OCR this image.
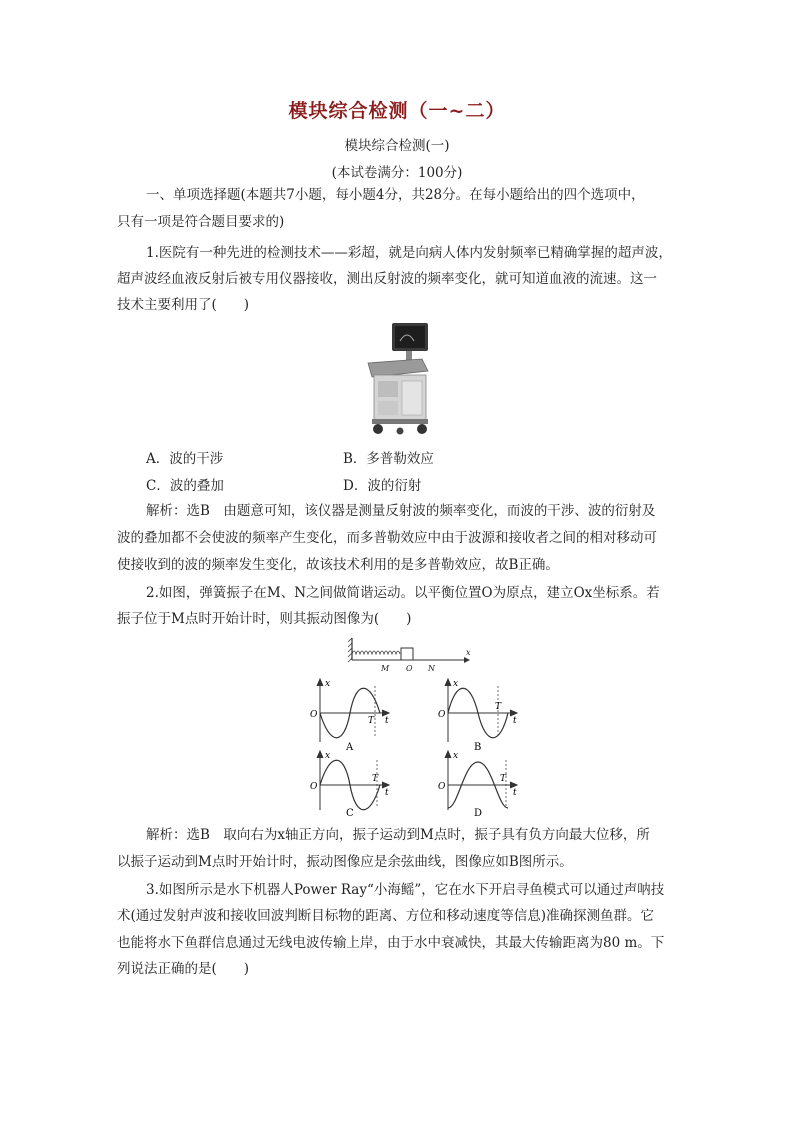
模块综合检测（一~二）
模块综合检测(一)
(本试卷满分：100分)
一、单项选择题(本题共7小题，每小题4分，共28分。在每小题给出的四个选项中，
只有一项是符合题目要求的)
1.医院有一种先进的检测技术——彩超，就是向病人体内发射频率已精确掌握的超声波，
超声波经血液反射后被专用仪器接收，测出反射波的频率变化，就可知道血液的流速。这一
技术主要利用了(　　)
A．波的干涉	B．多普勒效应
C．波的叠加	D．波的衍射
解析：选B　由题意可知，该仪器是测量反射波的频率变化，而波的干涉、波的衍射及
波的叠加都不会使波的频率产生变化，而多普勒效应中由于波源和接收者之间的相对移动可
使接收到的波的频率发生变化，故该技术利用的是多普勒效应，故B正确。
2.如图，弹簧振子在M、N之间做简谐运动。以平衡位置O为原点，建立Ox坐标系。若
振子位于M点时开始计时，则其振动图像为(　　)
M O N
x
x
O
T t
A
x
O
T
t
B
x
O
T
t
C
x
O
T
t
D
解析：选B　取向右为x轴正方向，振子运动到M点时，振子具有负方向最大位移，所
以振子运动到M点时开始计时，振动图像应是余弦曲线，图像应如B图所示。
3.如图所示是水下机器人Power Ray“小海鳐”，它在水下开启寻鱼模式可以通过声呐技
术(通过发射声波和接收回波判断目标物的距离、方位和移动速度等信息)准确探测鱼群。它
也能将水下鱼群信息通过无线电波传输上岸，由于水中衰减快，其最大传输距离为80 m。下
列说法正确的是(　　)
